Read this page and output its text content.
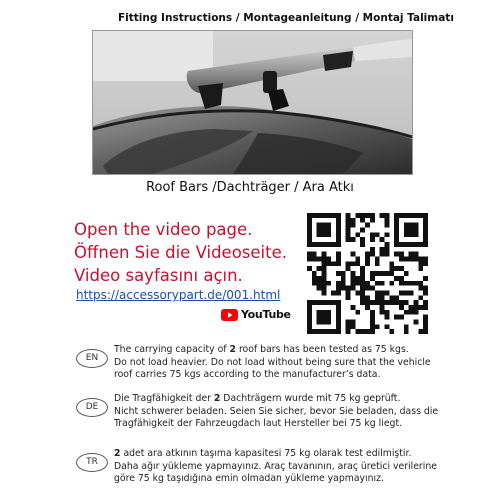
Fitting Instructions / Montageanleitung / Montaj Talimatı
Roof Bars /Dachträger / Ara Atkı
Open the video page.
Öffnen Sie die Videoseite.
Video sayfasını açın.
https://accessorypart.de/001.html
YouTube
EN
The carrying capacity of 2 roof bars has been tested as 75 kgs.
Do not load heavier. Do not load without being sure that the vehicle
roof carries 75 kgs according to the manufacturer’s data.
DE
Die Tragfähigkeit der 2 Dachträgern wurde mit 75 kg geprüft.
Nicht schwerer beladen. Seien Sie sicher, bevor Sie beladen, dass die
Tragfähigkeit der Fahrzeugdach laut Hersteller bei 75 kg liegt.
TR
2 adet ara atkının taşıma kapasitesi 75 kg olarak test edilmiştir.
Daha ağır yükleme yapmayınız. Araç tavanının, araç üretici verilerine
göre 75 kg taşıdığına emin olmadan yükleme yapmayınız.
